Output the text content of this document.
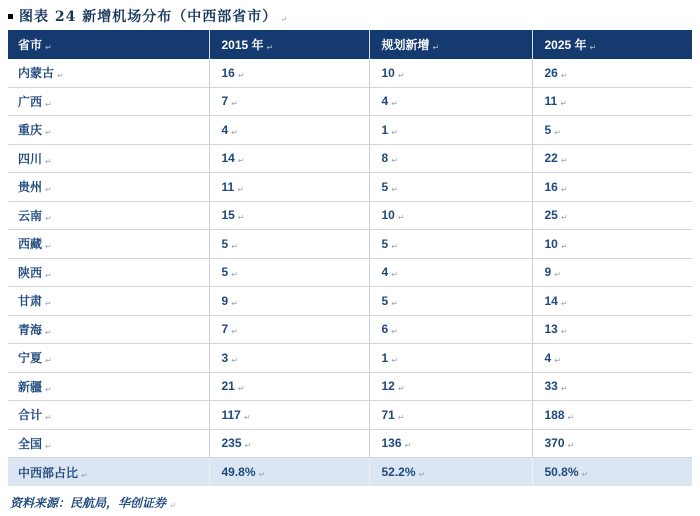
图表 24 新增机场分布（中西部省市） ↵
省市 ↵	2015 年 ↵	规划新增 ↵	2025 年 ↵
内蒙古 ↵	16 ↵	10 ↵	26 ↵
广西 ↵	7 ↵	4 ↵	11 ↵
重庆 ↵	4 ↵	1 ↵	5 ↵
四川 ↵	14 ↵	8 ↵	22 ↵
贵州 ↵	11 ↵	5 ↵	16 ↵
云南 ↵	15 ↵	10 ↵	25 ↵
西藏 ↵	5 ↵	5 ↵	10 ↵
陕西 ↵	5 ↵	4 ↵	9 ↵
甘肃 ↵	9 ↵	5 ↵	14 ↵
青海 ↵	7 ↵	6 ↵	13 ↵
宁夏 ↵	3 ↵	1 ↵	4 ↵
新疆 ↵	21 ↵	12 ↵	33 ↵
合计 ↵	117 ↵	71 ↵	188 ↵
全国 ↵	235 ↵	136 ↵	370 ↵
中西部占比 ↵	49.8% ↵	52.2% ↵	50.8% ↵
资料来源：民航局，华创证券 ↵
